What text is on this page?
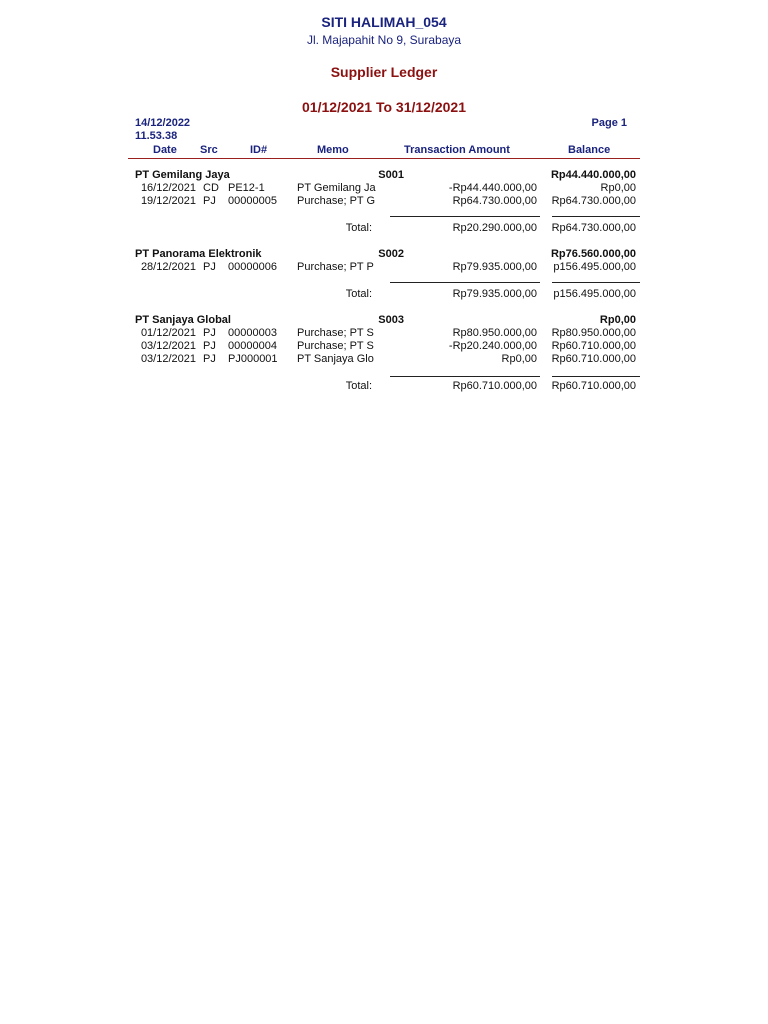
SITI HALIMAH_054
Jl. Majapahit No 9, Surabaya
Supplier Ledger
01/12/2021 To 31/12/2021
14/12/2022
11.53.38
Page 1
Date Src	ID#	Memo	Transaction Amount	Balance
PT Gemilang Jaya	S001	Rp44.440.000,00
16/12/2021 CD PE12-1	PT Gemilang Ja	-Rp44.440.000,00	Rp0,00
19/12/2021 PJ 00000005 Purchase; PT G	Rp64.730.000,00	Rp64.730.000,00
Total:	Rp20.290.000,00	Rp64.730.000,00
PT Panorama Elektronik	S002	Rp76.560.000,00
28/12/2021 PJ 00000006 Purchase; PT P	Rp79.935.000,00	p156.495.000,00
Total:	Rp79.935.000,00	p156.495.000,00
PT Sanjaya Global	S003	Rp0,00
01/12/2021 PJ 00000003 Purchase; PT S	Rp80.950.000,00	Rp80.950.000,00
03/12/2021 PJ 00000004 Purchase; PT S	-Rp20.240.000,00	Rp60.710.000,00
03/12/2021 PJ PJ000001 PT Sanjaya Glo	Rp0,00	Rp60.710.000,00
Total:	Rp60.710.000,00	Rp60.710.000,00
